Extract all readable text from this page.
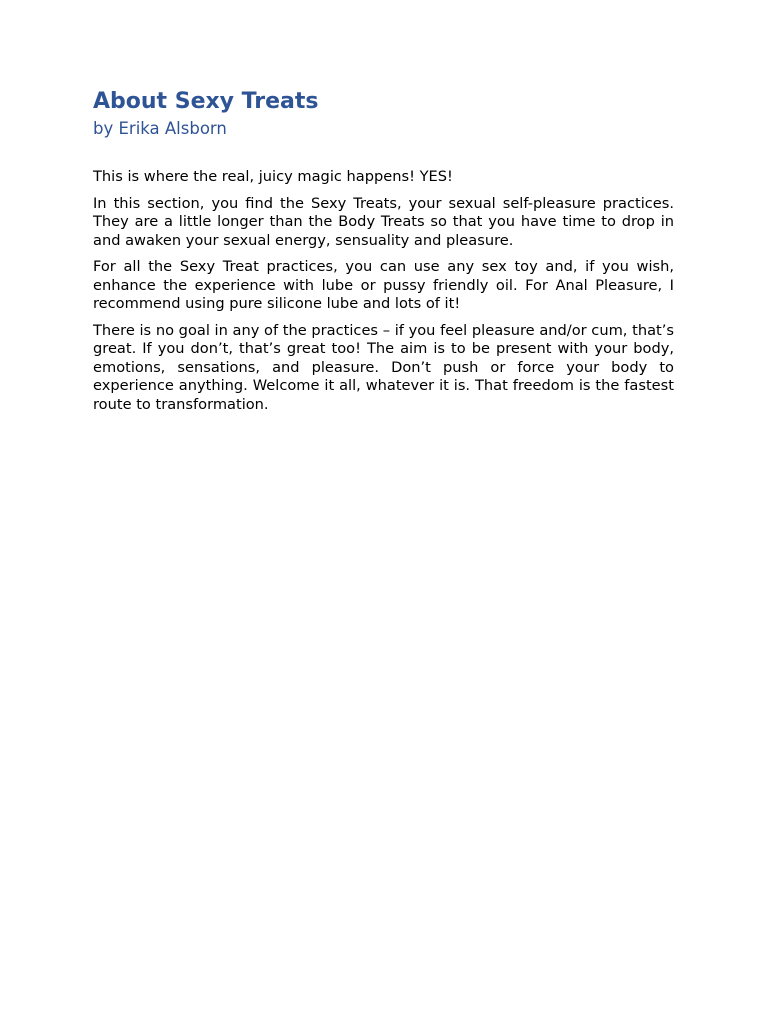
About Sexy Treats
by Erika Alsborn

This is where the real, juicy magic happens! YES!

In this section, you find the Sexy Treats, your sexual self-pleasure practices. They are a little longer than the Body Treats so that you have time to drop in and awaken your sexual energy, sensuality and pleasure.

For all the Sexy Treat practices, you can use any sex toy and, if you wish, enhance the experience with lube or pussy friendly oil. For Anal Pleasure, I recommend using pure silicone lube and lots of it!

There is no goal in any of the practices – if you feel pleasure and/or cum, that’s great. If you don’t, that’s great too! The aim is to be present with your body, emotions, sensations, and pleasure. Don’t push or force your body to experience anything. Welcome it all, whatever it is. That freedom is the fastest route to transformation.
